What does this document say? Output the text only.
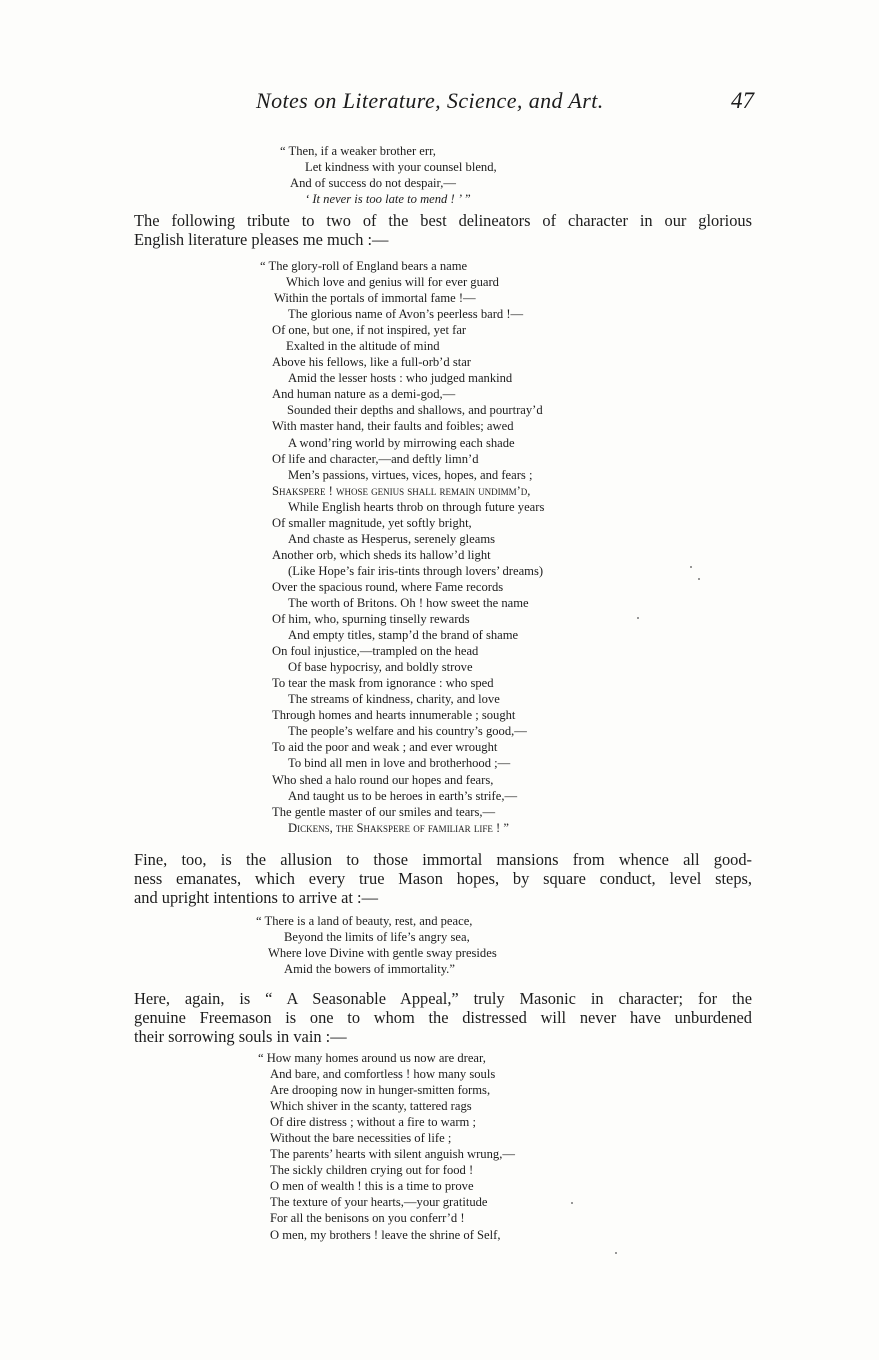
Notes on Literature, Science, and Art.	47
“ Then, if a weaker brother err,
Let kindness with your counsel blend,
And of success do not despair,—
‘ It never is too late to mend ! ’ ”

The following tribute to two of the best delineators of character in our glorious
English literature pleases me much :—

“ The glory-roll of England bears a name
Which love and genius will for ever guard
Within the portals of immortal fame !—
The glorious name of Avon’s peerless bard !—
Of one, but one, if not inspired, yet far
Exalted in the altitude of mind
Above his fellows, like a full-orb’d star
Amid the lesser hosts : who judged mankind
And human nature as a demi-god,—
Sounded their depths and shallows, and pourtray’d
With master hand, their faults and foibles; awed
A wond’ring world by mirrowing each shade
Of life and character,—and deftly limn’d
Men’s passions, virtues, vices, hopes, and fears ;
Shakspere ! whose genius shall remain undimm’d,
While English hearts throb on through future years
Of smaller magnitude, yet softly bright,
And chaste as Hesperus, serenely gleams
Another orb, which sheds its hallow’d light
(Like Hope’s fair iris-tints through lovers’ dreams)
Over the spacious round, where Fame records
The worth of Britons. Oh ! how sweet the name
Of him, who, spurning tinselly rewards
And empty titles, stamp’d the brand of shame
On foul injustice,—trampled on the head
Of base hypocrisy, and boldly strove
To tear the mask from ignorance : who sped
The streams of kindness, charity, and love
Through homes and hearts innumerable ; sought
The people’s welfare and his country’s good,—
To aid the poor and weak ; and ever wrought
To bind all men in love and brotherhood ;—
Who shed a halo round our hopes and fears,
And taught us to be heroes in earth’s strife,—
The gentle master of our smiles and tears,—
Dickens, the Shakspere of familiar life ! ”

Fine, too, is the allusion to those immortal mansions from whence all good-
ness emanates, which every true Mason hopes, by square conduct, level steps,
and upright intentions to arrive at :—

“ There is a land of beauty, rest, and peace,
Beyond the limits of life’s angry sea,
Where love Divine with gentle sway presides
Amid the bowers of immortality.”

Here, again, is “ A Seasonable Appeal,” truly Masonic in character; for the
genuine Freemason is one to whom the distressed will never have unburdened
their sorrowing souls in vain :—

“ How many homes around us now are drear,
And bare, and comfortless ! how many souls
Are drooping now in hunger-smitten forms,
Which shiver in the scanty, tattered rags
Of dire distress ; without a fire to warm ;
Without the bare necessities of life ;
The parents’ hearts with silent anguish wrung,—
The sickly children crying out for food !
O men of wealth ! this is a time to prove
The texture of your hearts,—your gratitude
For all the benisons on you conferr’d !
O men, my brothers ! leave the shrine of Self,
